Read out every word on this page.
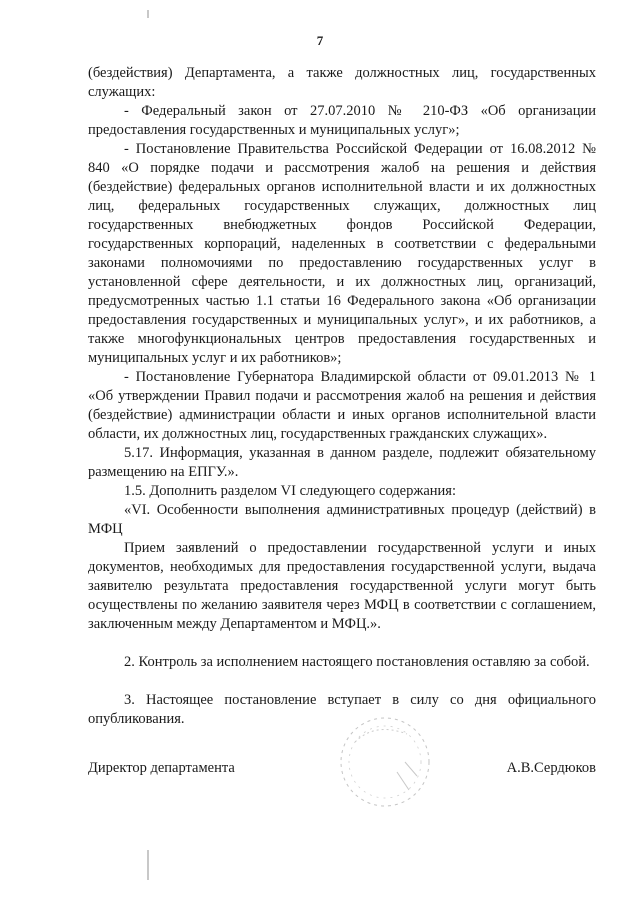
7

(бездействия) Департамента, а также должностных лиц, государственных служащих:

- Федеральный закон от 27.07.2010 № 210-ФЗ «Об организации предоставления государственных и муниципальных услуг»;

- Постановление Правительства Российской Федерации от 16.08.2012 № 840 «О порядке подачи и рассмотрения жалоб на решения и действия (бездействие) федеральных органов исполнительной власти и их должностных лиц, федеральных государственных служащих, должностных лиц государственных внебюджетных фондов Российской Федерации, государственных корпораций, наделенных в соответствии с федеральными законами полномочиями по предоставлению государственных услуг в установленной сфере деятельности, и их должностных лиц, организаций, предусмотренных частью 1.1 статьи 16 Федерального закона «Об организации предоставления государственных и муниципальных услуг», и их работников, а также многофункциональных центров предоставления государственных и муниципальных услуг и их работников»;

- Постановление Губернатора Владимирской области от 09.01.2013 № 1 «Об утверждении Правил подачи и рассмотрения жалоб на решения и действия (бездействие) администрации области и иных органов исполнительной власти области, их должностных лиц, государственных гражданских служащих».

5.17. Информация, указанная в данном разделе, подлежит обязательному размещению на ЕПГУ.».

1.5. Дополнить разделом VI следующего содержания:

«VI. Особенности выполнения административных процедур (действий) в МФЦ

Прием заявлений о предоставлении государственной услуги и иных документов, необходимых для предоставления государственной услуги, выдача заявителю результата предоставления государственной услуги могут быть осуществлены по желанию заявителя через МФЦ в соответствии с соглашением, заключенным между Департаментом и МФЦ.».

2. Контроль за исполнением настоящего постановления оставляю за собой.

3. Настоящее постановление вступает в силу со дня официального опубликования.

Директор департамента	А.В.Сердюков
